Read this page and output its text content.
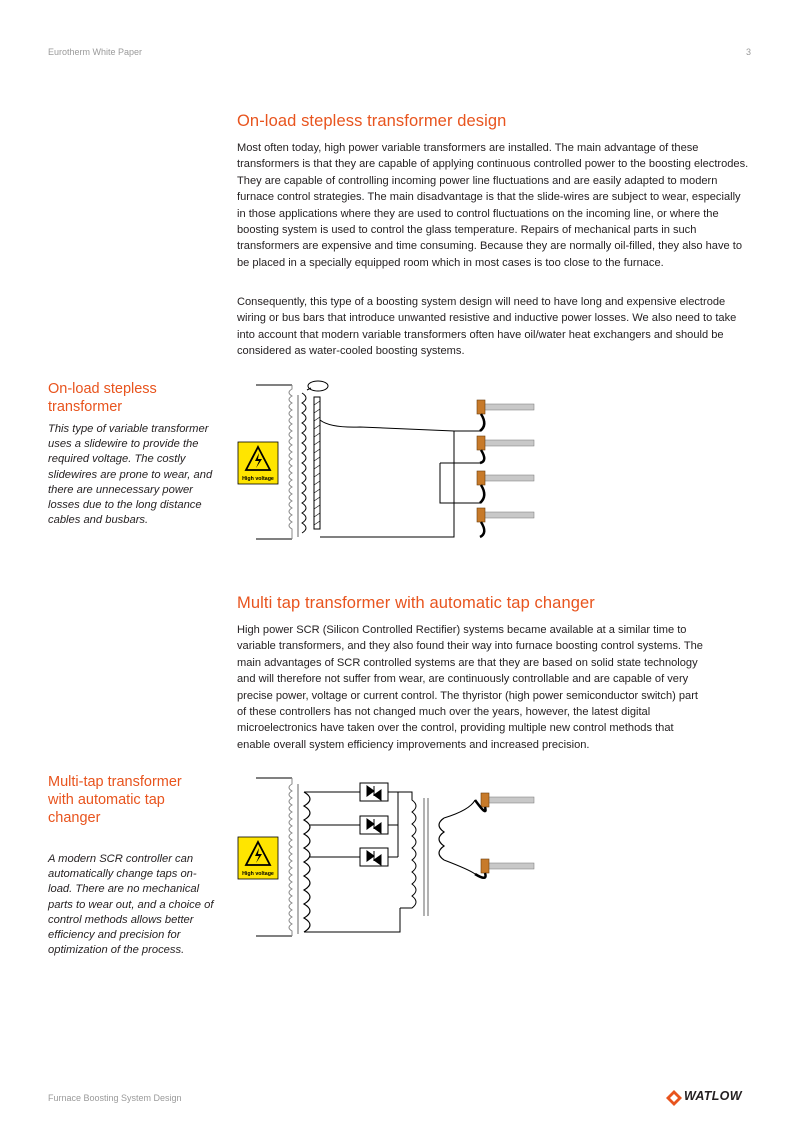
Eurotherm White Paper	3
On-load stepless transformer design

Most often today, high power variable transformers are installed. The main advantage of these transformers is that they are capable of applying continuous controlled power to the boosting electrodes. They are capable of controlling incoming power line fluctuations and are easily adapted to modern furnace control strategies. The main disadvantage is that the slide-wires are subject to wear, especially in those applications where they are used to control fluctuations on the incoming line, or where the boosting system is used to control the glass temperature. Repairs of mechanical parts in such transformers are expensive and time consuming. Because they are normally oil-filled, they also have to be placed in a specially equipped room which in most cases is too close to the furnace.

Consequently, this type of a boosting system design will need to have long and expensive electrode wiring or bus bars that introduce unwanted resistive and inductive power losses. We also need to take into account that modern variable transformers often have oil/water heat exchangers and should be considered as water-cooled boosting systems.

On-load stepless transformer

This type of variable transformer uses a slidewire to provide the required voltage. The costly slidewires are prone to wear, and there are unnecessary power losses due to the long distance cables and busbars.

High voltage
Multi tap transformer with automatic tap changer

High power SCR (Silicon Controlled Rectifier) systems became available at a similar time to variable transformers, and they also found their way into furnace boosting control systems. The main advantages of SCR controlled systems are that they are based on solid state technology and will therefore not suffer from wear, are continuously controllable and are capable of very precise power, voltage or current control. The thyristor (high power semiconductor switch) part of these controllers has not changed much over the years, however, the latest digital microelectronics have taken over the control, providing multiple new control methods that enable overall system efficiency improvements and increased precision.

Multi-tap transformer with automatic tap changer

A modern SCR controller can automatically change taps on-load. There are no mechanical parts to wear out, and a choice of control methods allows better efficiency and precision for optimization of the process.

High voltage
Furnace Boosting System Design	WATLOW
